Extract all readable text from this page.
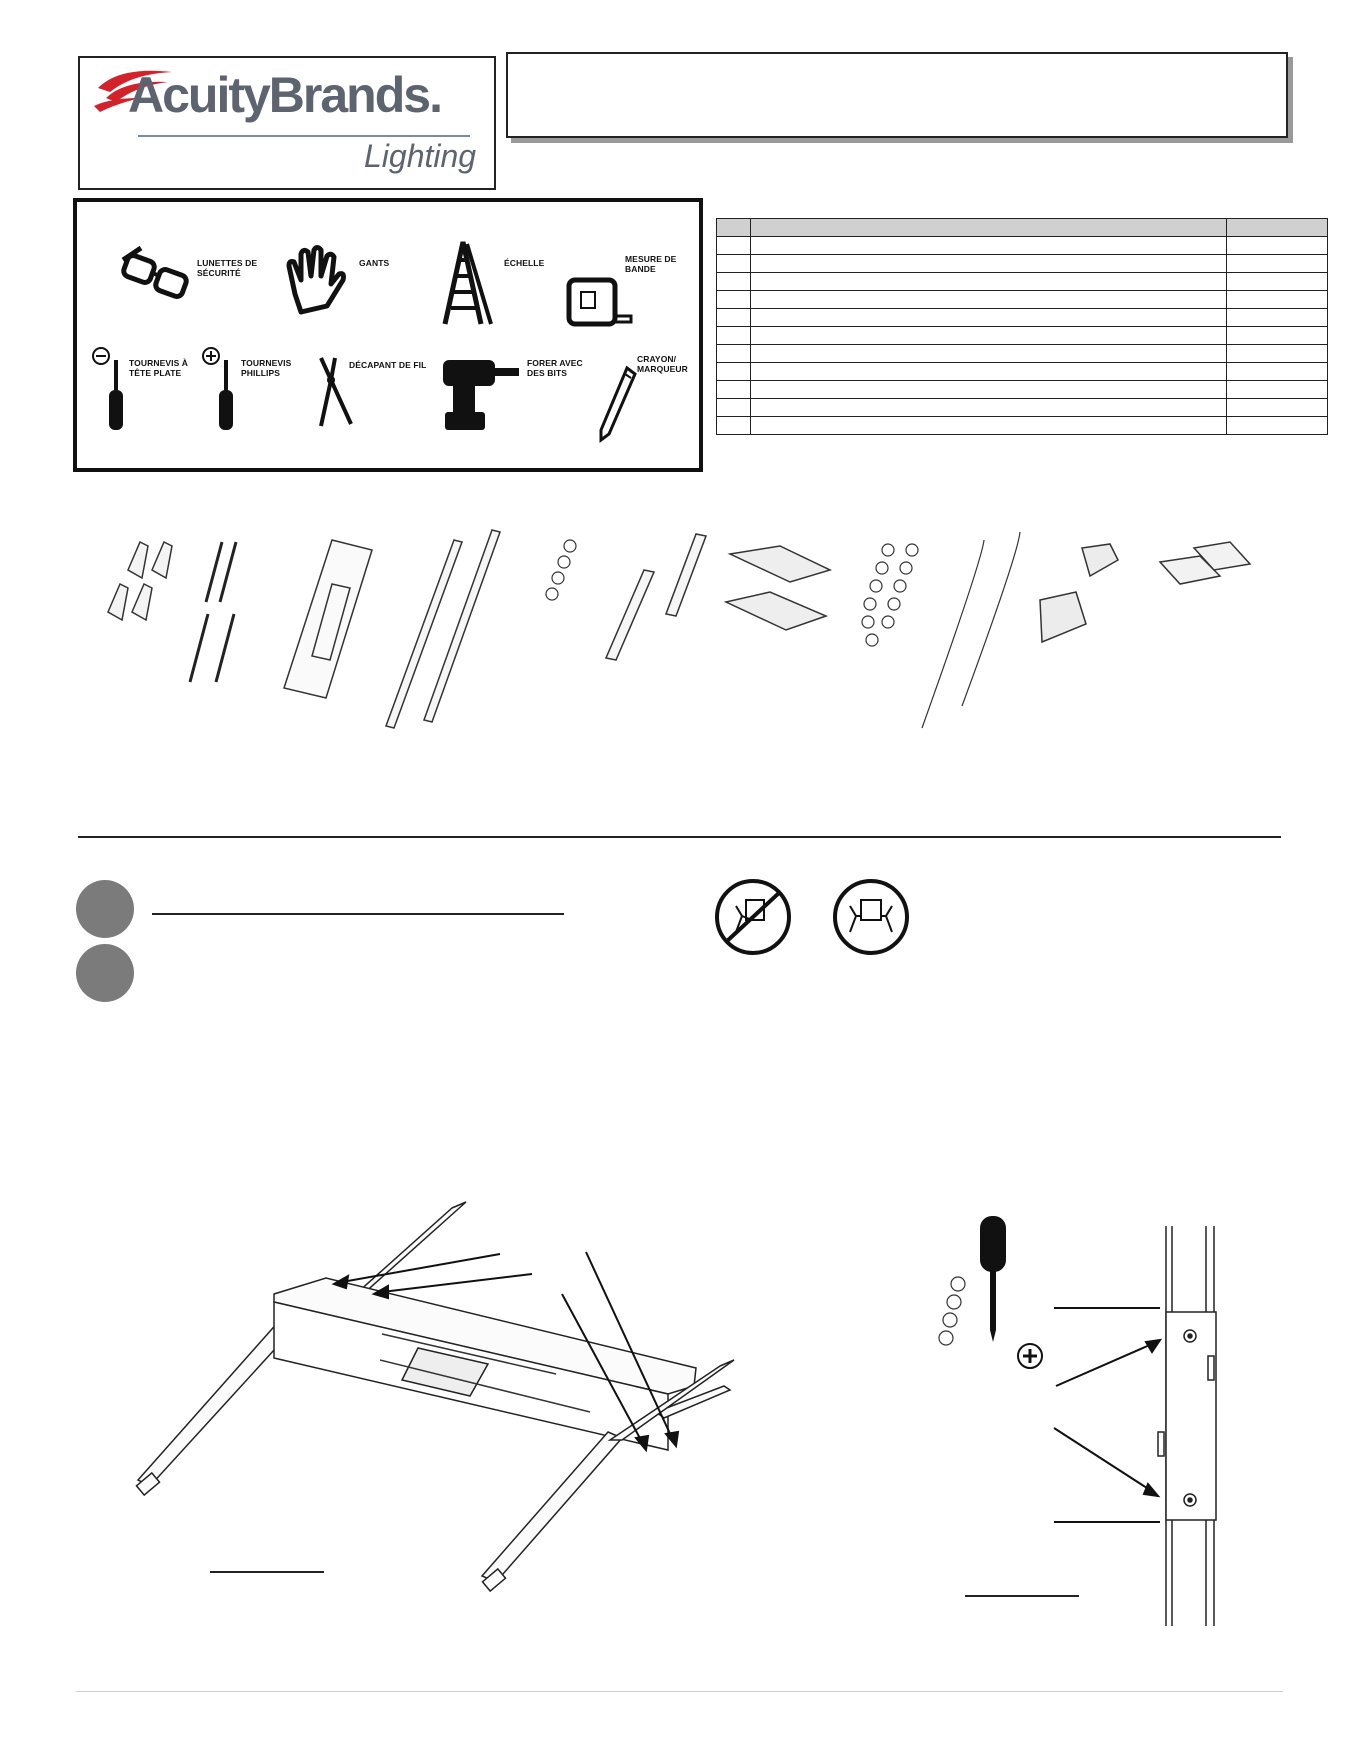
AcuityBrands.
Lighting
LUNETTES DE SÉCURITÉ
GANTS	ÉCHELLE	MESURE DE BANDE
TOURNEVIS À TÊTE PLATE
TOURNEVIS PHILLIPS
DÉCAPANT DE FIL	FORER AVEC DES BITS
CRAYON/ MARQUEUR
